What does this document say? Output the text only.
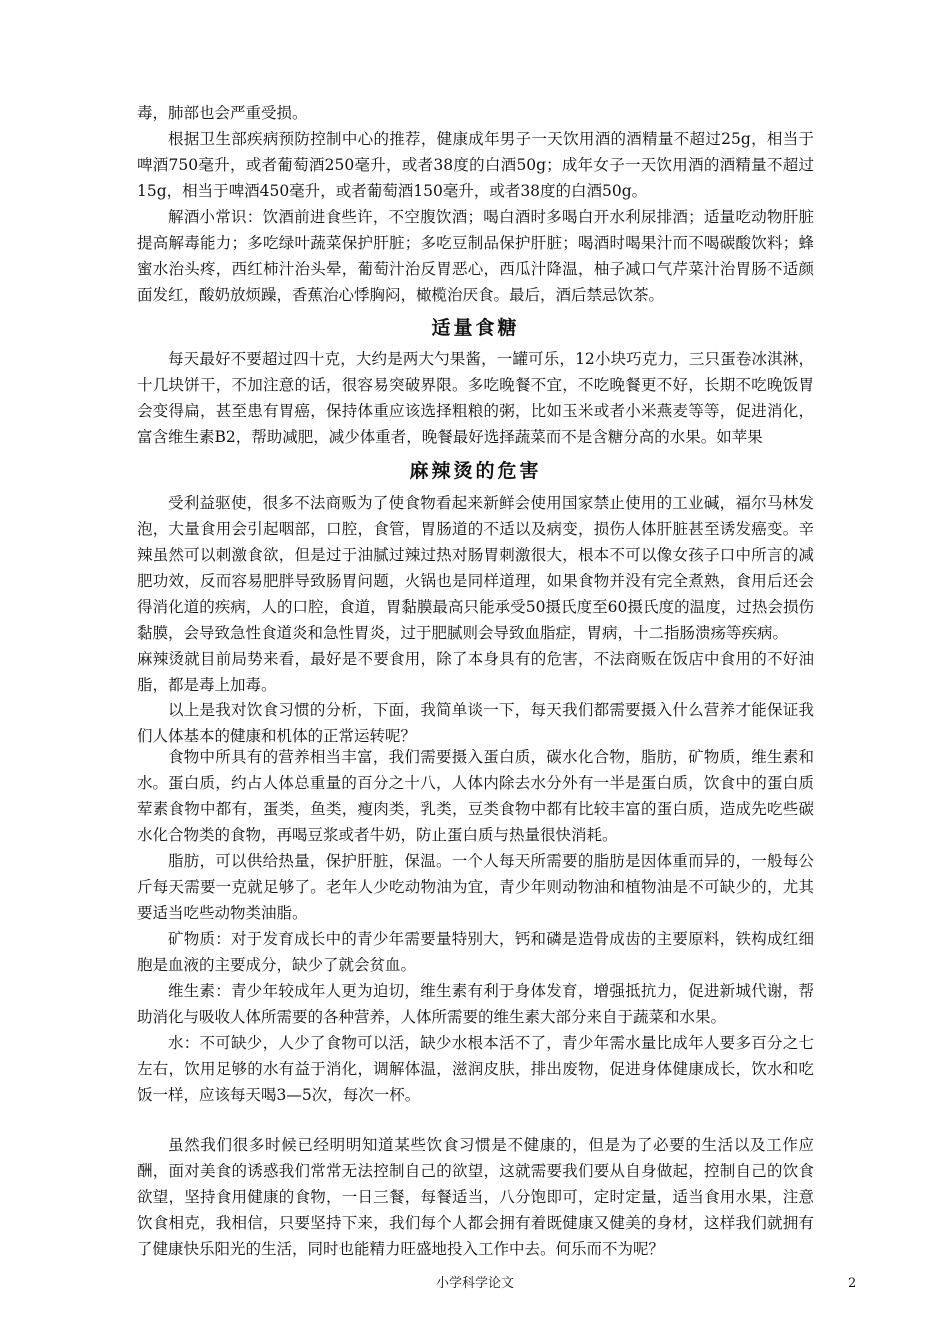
毒，肺部也会严重受损。

根据卫生部疾病预防控制中心的推荐，健康成年男子一天饮用酒的酒精量不超过25g，相当于啤酒750毫升，或者葡萄酒250毫升，或者38度的白酒50g；成年女子一天饮用酒的酒精量不超过15g，相当于啤酒450毫升，或者葡萄酒150毫升，或者38度的白酒50g。

解酒小常识：饮酒前进食些许，不空腹饮酒；喝白酒时多喝白开水利尿排酒；适量吃动物肝脏提高解毒能力；多吃绿叶蔬菜保护肝脏；多吃豆制品保护肝脏；喝酒时喝果汁而不喝碳酸饮料；蜂蜜水治头疼，西红柿汁治头晕，葡萄汁治反胃恶心，西瓜汁降温，柚子减口气芹菜汁治胃肠不适颜面发红，酸奶放烦躁，香蕉治心悸胸闷，橄榄治厌食。最后，酒后禁忌饮茶。

适量食糖

每天最好不要超过四十克，大约是两大勺果酱，一罐可乐，12小块巧克力，三只蛋卷冰淇淋，十几块饼干，不加注意的话，很容易突破界限。多吃晚餐不宜，不吃晚餐更不好，长期不吃晚饭胃会变得扁，甚至患有胃癌，保持体重应该选择粗粮的粥，比如玉米或者小米燕麦等等，促进消化，富含维生素B2，帮助减肥，减少体重者，晚餐最好选择蔬菜而不是含糖分高的水果。如苹果

麻辣烫的危害

受利益驱使，很多不法商贩为了使食物看起来新鲜会使用国家禁止使用的工业碱，福尔马林发泡，大量食用会引起咽部，口腔，食管，胃肠道的不适以及病变，损伤人体肝脏甚至诱发癌变。辛辣虽然可以刺激食欲，但是过于油腻过辣过热对肠胃刺激很大，根本不可以像女孩子口中所言的减肥功效，反而容易肥胖导致肠胃问题，火锅也是同样道理，如果食物并没有完全煮熟，食用后还会得消化道的疾病，人的口腔，食道，胃黏膜最高只能承受50摄氏度至60摄氏度的温度，过热会损伤黏膜，会导致急性食道炎和急性胃炎，过于肥腻则会导致血脂症，胃病，十二指肠溃疡等疾病。

麻辣烫就目前局势来看，最好是不要食用，除了本身具有的危害，不法商贩在饭店中食用的不好油脂，都是毒上加毒。

以上是我对饮食习惯的分析，下面，我简单谈一下，每天我们都需要摄入什么营养才能保证我们人体基本的健康和机体的正常运转呢？

食物中所具有的营养相当丰富，我们需要摄入蛋白质，碳水化合物，脂肪，矿物质，维生素和水。 蛋白质，约占人体总重量的百分之十八，人体内除去水分外有一半是蛋白质，饮食中的蛋白质荤素食物中都有，蛋类，鱼类，瘦肉类，乳类，豆类食物中都有比较丰富的蛋白质，造成先吃些碳水化合物类的食物，再喝豆浆或者牛奶，防止蛋白质与热量很快消耗。

脂肪，可以供给热量，保护肝脏，保温。一个人每天所需要的脂肪是因体重而异的，一般每公斤每天需要一克就足够了。老年人少吃动物油为宜，青少年则动物油和植物油是不可缺少的，尤其要适当吃些动物类油脂。

矿物质：对于发育成长中的青少年需要量特别大，钙和磷是造骨成齿的主要原料，铁构成红细胞是血液的主要成分，缺少了就会贫血。

维生素：青少年较成年人更为迫切，维生素有利于身体发育，增强抵抗力，促进新城代谢，帮助消化与吸收人体所需要的各种营养，人体所需要的维生素大部分来自于蔬菜和水果。

水：不可缺少，人少了食物可以活，缺少水根本活不了，青少年需水量比成年人要多百分之七左右，饮用足够的水有益于消化，调解体温，滋润皮肤，排出废物，促进身体健康成长，饮水和吃饭一样，应该每天喝3—5次，每次一杯。

虽然我们很多时候已经明明知道某些饮食习惯是不健康的，但是为了必要的生活以及工作应酬，面对美食的诱惑我们常常无法控制自己的欲望，这就需要我们要从自身做起，控制自己的饮食欲望，坚持食用健康的食物，一日三餐，每餐适当，八分饱即可，定时定量，适当食用水果，注意饮食相克，我相信，只要坚持下来，我们每个人都会拥有着既健康又健美的身材，这样我们就拥有了健康快乐阳光的生活，同时也能精力旺盛地投入工作中去。何乐而不为呢？

小学科学论文	2
